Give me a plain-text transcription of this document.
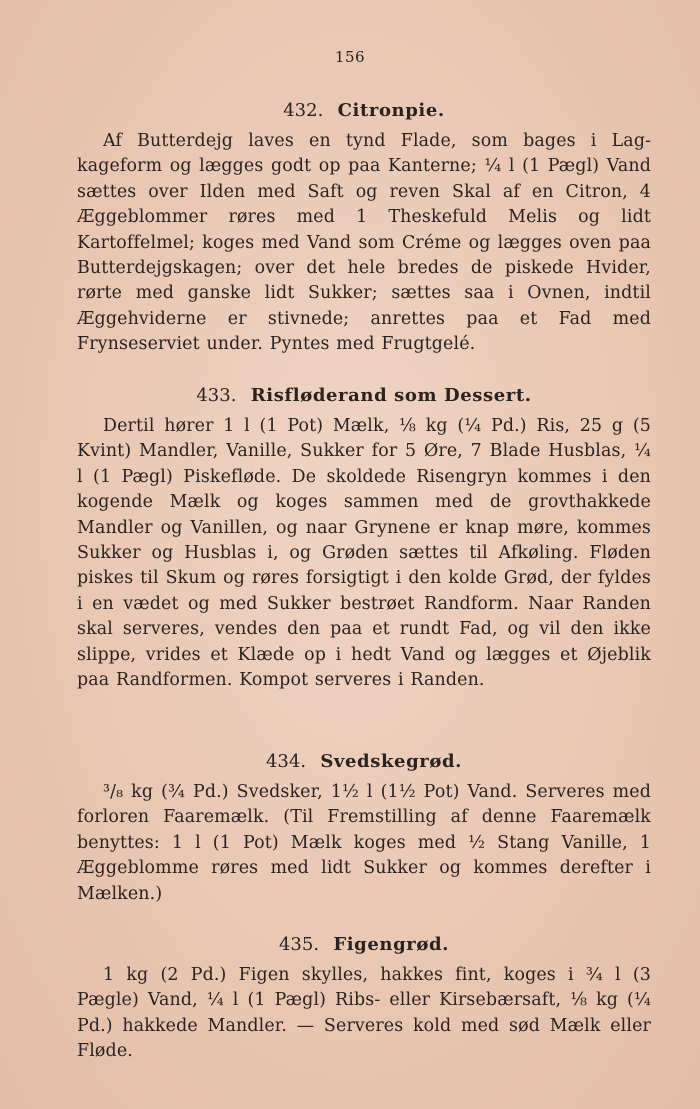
156
432. Citronpie.

Af Butterdejg laves en tynd Flade, som bages i Lagkageform og lægges godt op paa Kanterne; ¼ l (1 Pægl) Vand sættes over Ilden med Saft og reven Skal af en Citron, 4 Æggeblommer røres med 1 Theskefuld Melis og lidt Kartoffelmel; koges med Vand som Créme og lægges oven paa Butterdejgskagen; over det hele bredes de piskede Hvider, rørte med ganske lidt Sukker; sættes saa i Ovnen, indtil Æggehviderne er stivnede; anrettes paa et Fad med Frynseserviet under. Pyntes med Frugtgelé.

433. Risfløderand som Dessert.

Dertil hører 1 l (1 Pot) Mælk, ⅛ kg (¼ Pd.) Ris, 25 g (5 Kvint) Mandler, Vanille, Sukker for 5 Øre, 7 Blade Husblas, ¼ l (1 Pægl) Piskefløde. De skoldede Risengryn kommes i den kogende Mælk og koges sammen med de grovthakkede Mandler og Vanillen, og naar Grynene er knap møre, kommes Sukker og Husblas i, og Grøden sættes til Afkøling. Fløden piskes til Skum og røres forsigtigt i den kolde Grød, der fyldes i en vædet og med Sukker bestrøet Randform. Naar Randen skal serveres, vendes den paa et rundt Fad, og vil den ikke slippe, vrides et Klæde op i hedt Vand og lægges et Øjeblik paa Randformen. Kompot serveres i Randen.

434. Svedskegrød.

³/₈ kg (¾ Pd.) Svedsker, 1½ l (1½ Pot) Vand. Serveres med forloren Faaremælk. (Til Fremstilling af denne Faaremælk benyttes: 1 l (1 Pot) Mælk koges med ½ Stang Vanille, 1 Æggeblomme røres med lidt Sukker og kommes derefter i Mælken.)

435. Figengrød.

1 kg (2 Pd.) Figen skylles, hakkes fint, koges i ¾ l (3 Pægle) Vand, ¼ l (1 Pægl) Ribs- eller Kirsebærsaft, ⅛ kg (¼ Pd.) hakkede Mandler. — Serveres kold med sød Mælk eller Fløde.
